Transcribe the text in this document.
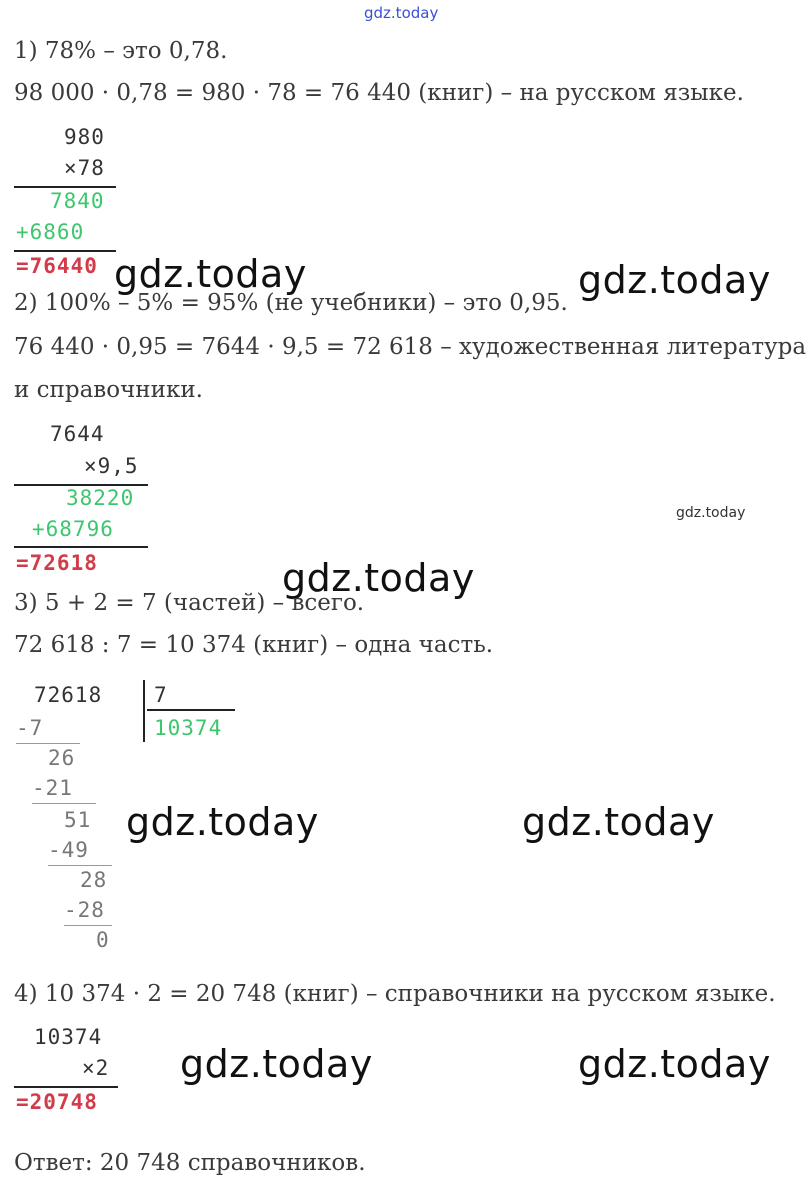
gdz.today
1) 78% – это 0,78.
98 000 · 0,78 = 980 · 78 = 76 440 (книг) – на русском языке.
980
×78
7840
+6860
=76440 gdz.today	gdz.today
2) 100% – 5% = 95% (не учебники) – это 0,95.
76 440 · 0,95 = 7644 · 9,5 = 72 618 – художественная литература
и справочники.
7644
×9,5
38220
+68796
=72618
gdz.today
gdz.today
3) 5 + 2 = 7 (частей) – всего.
72 618 : 7 = 10 374 (книг) – одна часть.
72618 7
10374
-7
26
-21
51
-49
28
-28
0
gdz.today	gdz.today
4) 10 374 · 2 = 20 748 (книг) – справочники на русском языке.
10374
×2
=20748
gdz.today	gdz.today
Ответ: 20 748 справочников.
